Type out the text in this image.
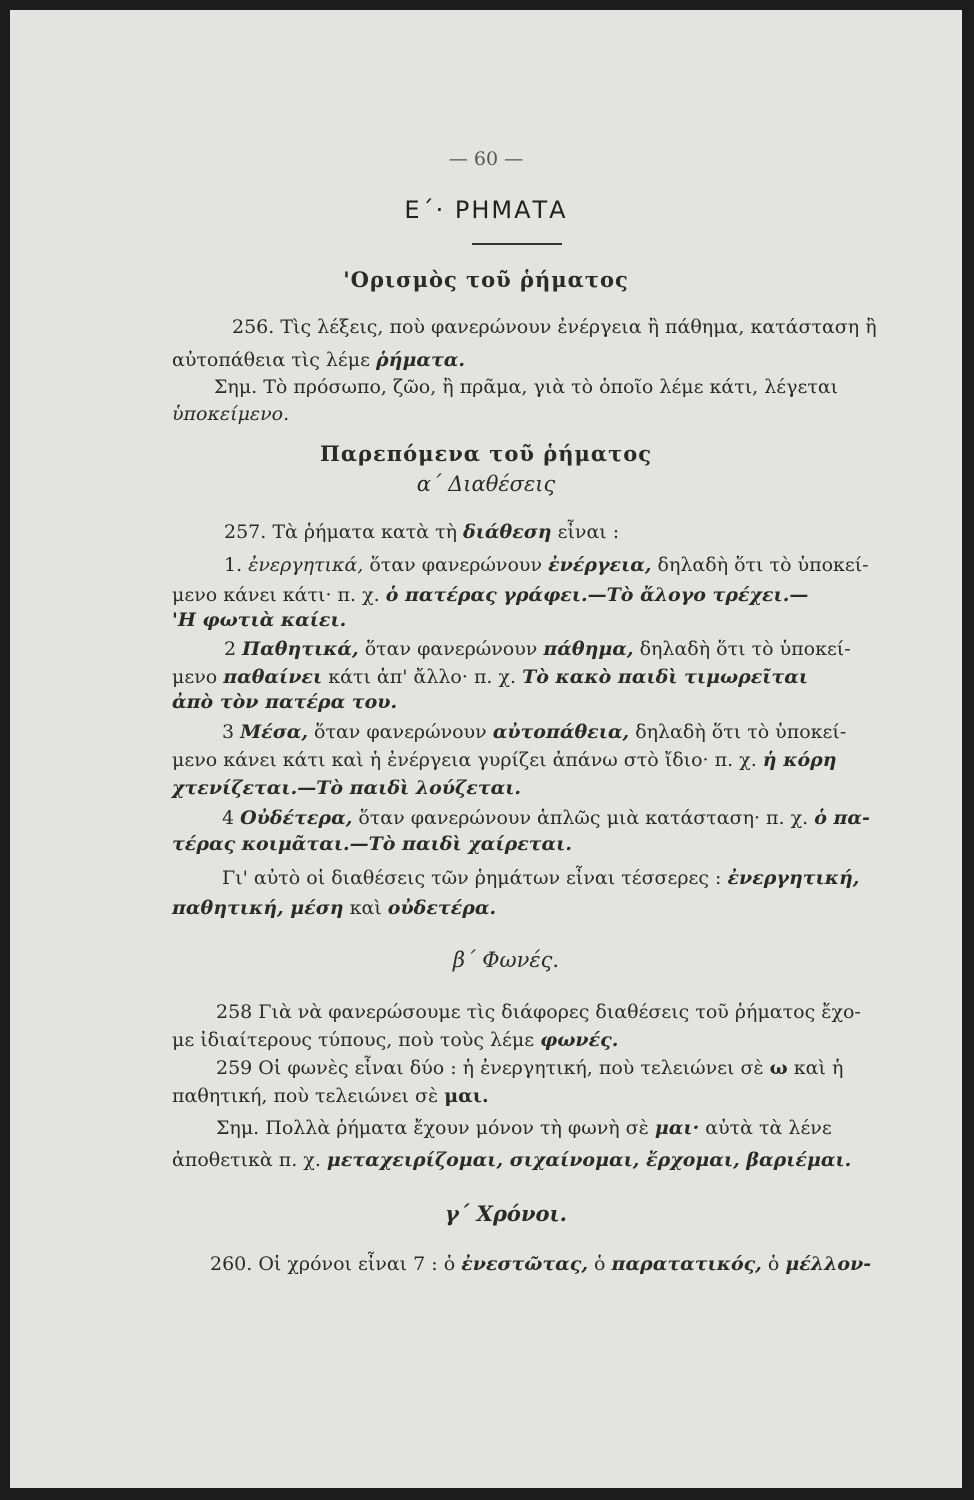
— 60 —
Ε΄· ΡΗΜΑΤΑ
'Ορισμὸς τοῦ ῥήματος
256. Τὶς λέξεις, ποὺ φανερώνουν ἐνέργεια ἢ πάθημα, κατάσταση ἢ
αὐτοπάθεια τὶς λέμε ῥήματα.
Σημ. Τὸ πρόσωπο, ζῶο, ἢ πρᾶμα, γιὰ τὸ ὁποῖο λέμε κάτι, λέγεται
ὑποκείμενο.
Παρεπόμενα τοῦ ῥήματος
α΄ Διαθέσεις
257. Τὰ ῥήματα κατὰ τὴ διάθεση εἶναι :
1. ἐνεργητικά, ὅταν φανερώνουν ἐνέργεια, δηλαδὴ ὅτι τὸ ὑποκεί-
μενο κάνει κάτι· π. χ. ὁ πατέρας γράφει.—Τὸ ἄλογο τρέχει.—
'Η φωτιὰ καίει.
2 Παθητικά, ὅταν φανερώνουν πάθημα, δηλαδὴ ὅτι τὸ ὑποκεί-
μενο παθαίνει κάτι ἀπ' ἄλλο· π. χ. Τὸ κακὸ παιδὶ τιμωρεῖται
ἀπὸ τὸν πατέρα του.
3 Μέσα, ὅταν φανερώνουν αὐτοπάθεια, δηλαδὴ ὅτι τὸ ὑποκεί-
μενο κάνει κάτι καὶ ἡ ἐνέργεια γυρίζει ἀπάνω στὸ ἴδιο· π. χ. ἡ κόρη
χτενίζεται.—Τὸ παιδὶ λούζεται.
4 Οὐδέτερα, ὅταν φανερώνουν ἁπλῶς μιὰ κατάσταση· π. χ. ὁ πα-
τέρας κοιμᾶται.—Τὸ παιδὶ χαίρεται.
Γι' αὐτὸ οἱ διαθέσεις τῶν ῥημάτων εἶναι τέσσερες : ἐνεργητική,
παθητική, μέση καὶ οὐδετέρα.
β΄ Φωνές.
258 Γιὰ νὰ φανερώσουμε τὶς διάφορες διαθέσεις τοῦ ῥήματος ἔχο-
με ἰδιαίτερους τύπους, ποὺ τοὺς λέμε φωνές.
259 Οἱ φωνὲς εἶναι δύο : ἡ ἐνεργητική, ποὺ τελειώνει σὲ ω καὶ ἡ
παθητική, ποὺ τελειώνει σὲ μαι.
Σημ. Πολλὰ ῥήματα ἔχουν μόνον τὴ φωνὴ σὲ μαι· αὐτὰ τὰ λένε
ἀποθετικὰ π. χ. μεταχειρίζομαι, σιχαίνομαι, ἔρχομαι, βαριέμαι.
γ΄ Χρόνοι.
260. Οἱ χρόνοι εἶναι 7 : ὁ ἐνεστῶτας, ὁ παρατατικός, ὁ μέλλον-
